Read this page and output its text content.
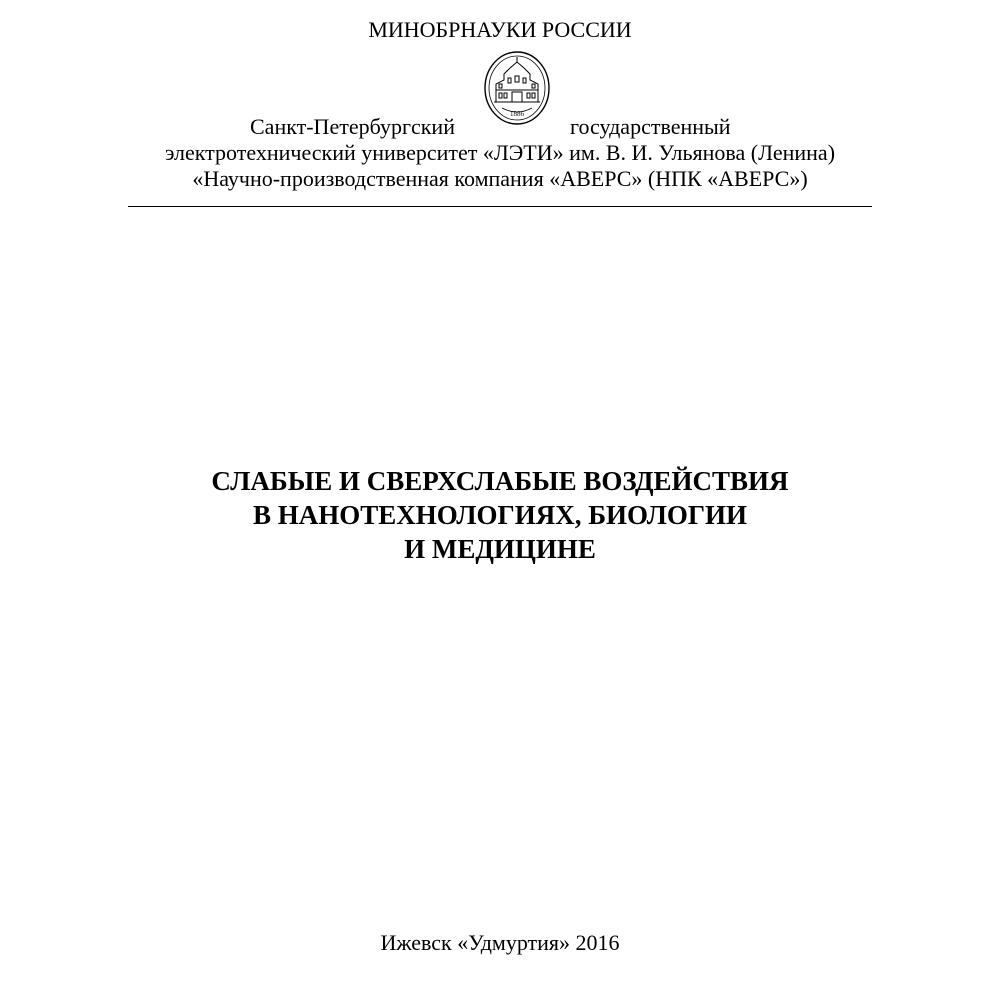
МИНОБРНАУКИ РОССИИ
1886
Санкт-Петербургский	государственный
электротехнический университет «ЛЭТИ» им. В. И. Ульянова (Ленина)
«Научно-производственная компания «АВЕРС» (НПК «АВЕРС»)
СЛАБЫЕ И СВЕРХСЛАБЫЕ ВОЗДЕЙСТВИЯ
В НАНОТЕХНОЛОГИЯХ, БИОЛОГИИ
И МЕДИЦИНЕ
Ижевск «Удмуртия» 2016
